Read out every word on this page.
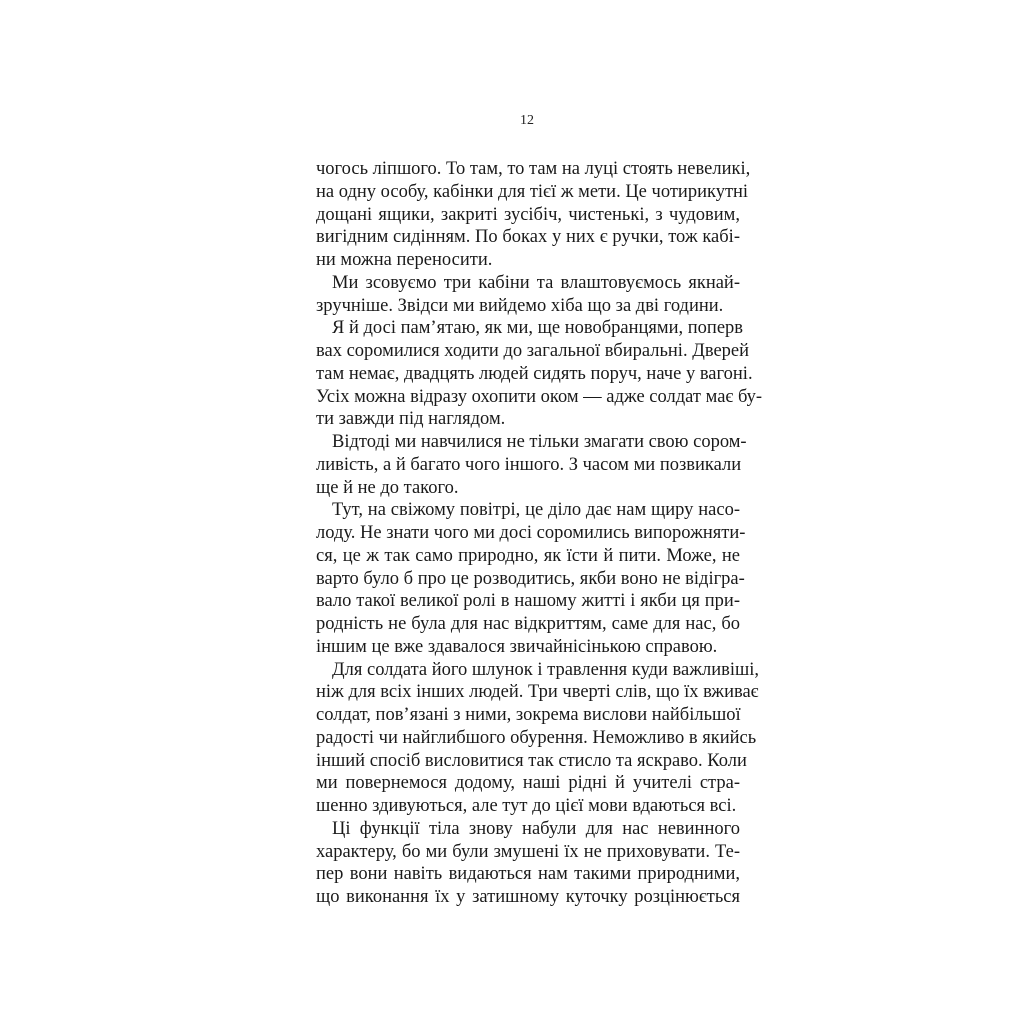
12
чогось ліпшого. То там, то там на луці стоять невеликі,
на одну особу, кабінки для тієї ж мети. Це чотирикутні
дощані ящики, закриті зусібіч, чистенькі, з чудовим,
вигідним сидінням. По боках у них є ручки, тож кабі-
ни можна переносити.
Ми зсовуємо три кабіни та влаштовуємось якнай-
зручніше. Звідси ми вийдемо хіба що за дві години.
Я й досі пам’ятаю, як ми, ще новобранцями, поперв
вах соромилися ходити до загальної вбиральні. Дверей
там немає, двадцять людей сидять поруч, наче у вагоні.
Усіх можна відразу охопити оком — адже солдат має бу-
ти завжди під наглядом.
Відтоді ми навчилися не тільки змагати свою сором-
ливість, а й багато чого іншого. З часом ми позвикали
ще й не до такого.
Тут, на свіжому повітрі, це діло дає нам щиру насо-
лоду. Не знати чого ми досі соромились випорожняти-
ся, це ж так само природно, як їсти й пити. Може, не
варто було б про це розводитись, якби воно не відігра-
вало такої великої ролі в нашому житті і якби ця при-
родність не була для нас відкриттям, саме для нас, бо
іншим це вже здавалося звичайнісінькою справою.
Для солдата його шлунок і травлення куди важливіші,
ніж для всіх інших людей. Три чверті слів, що їх вживає
солдат, пов’язані з ними, зокрема вислови найбільшої
радості чи найглибшого обурення. Неможливо в якийсь
інший спосіб висловитися так стисло та яскраво. Коли
ми повернемося додому, наші рідні й учителі стра-
шенно здивуються, але тут до цієї мови вдаються всі.
Ці функції тіла знову набули для нас невинного
характеру, бо ми були змушені їх не приховувати. Те-
пер вони навіть видаються нам такими природними,
що виконання їх у затишному куточку розцінюється
